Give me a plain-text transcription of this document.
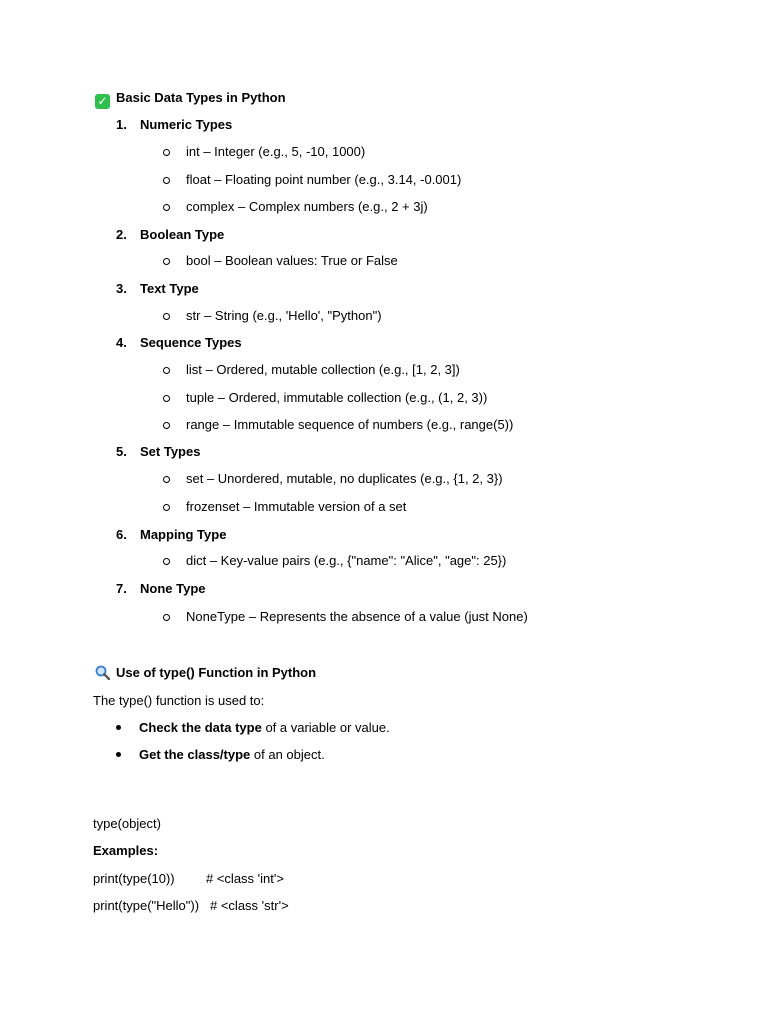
✓ Basic Data Types in Python
1. Numeric Types
int – Integer (e.g., 5, -10, 1000)
float – Floating point number (e.g., 3.14, -0.001)
complex – Complex numbers (e.g., 2 + 3j)
2. Boolean Type
bool – Boolean values: True or False
3. Text Type
str – String (e.g., 'Hello', "Python")
4. Sequence Types
list – Ordered, mutable collection (e.g., [1, 2, 3])
tuple – Ordered, immutable collection (e.g., (1, 2, 3))
range – Immutable sequence of numbers (e.g., range(5))
5. Set Types
set – Unordered, mutable, no duplicates (e.g., {1, 2, 3})
frozenset – Immutable version of a set
6. Mapping Type
dict – Key-value pairs (e.g., {"name": "Alice", "age": 25})
7. None Type
NoneType – Represents the absence of a value (just None)
Use of type() Function in Python
The type() function is used to:
Check the data type of a variable or value.
Get the class/type of an object.
type(object)
Examples:
print(type(10)) # <class 'int'>
print(type("Hello")) # <class 'str'>
